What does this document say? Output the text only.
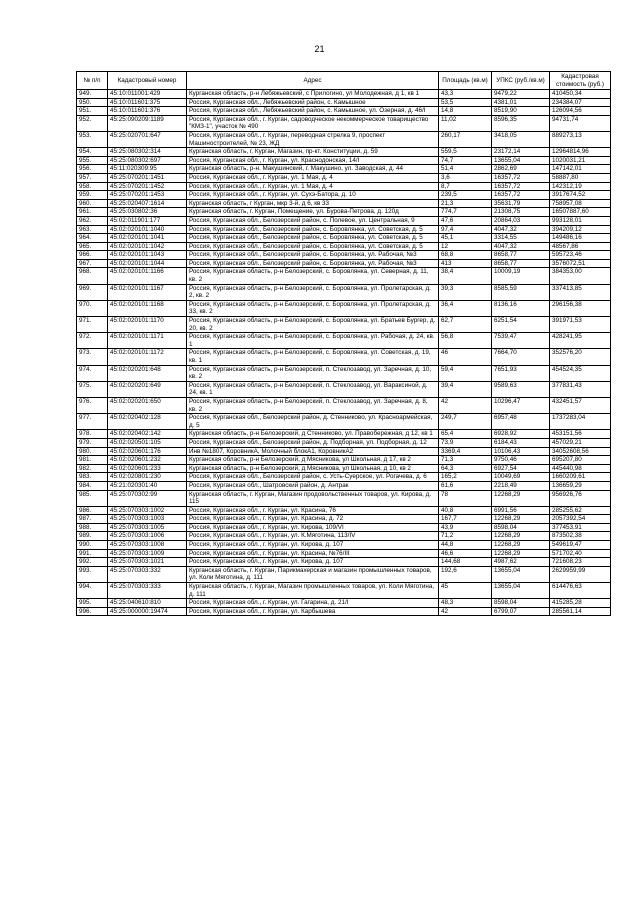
21
№ п/п	Кадастровый номер	Адрес	Площадь (кв.м)	УПКС (руб./кв.м)	Кадастровая стоимость (руб.)
949.	45:10:011001:429	Курганская область, р-н Лебяжьевский, с Прилогино, ул Молодежная, д 1, кв 1	43,3	9479,22	410450,34
950.	45:10:011601:375	Россия, Курганская обл., Лебяжьевский район, с. Камышное	53,5	4381,01	234384,07
951.	45:10:011601:376	Россия, Курганская обл., Лебяжьевский район, с. Камышное, ул. Озерная, д. 46/I	14,8	8519,90	126094,56
952.	45:25:090209:1189	Россия, Курганская обл., г. Курган, садоводческое некоммерческое товарищество "КМЗ-1", участок № 490	11,02	8596,35	94731,74
953.	45:25:020701:647	Россия, Курганская обл., г. Курган, переводная стрелка 9, проспект Машиностроителей, № 23, ЖД	260,17	3418,05	889273,13
954.	45:25:080302:314	Курганская область, г. Курган, Магазин, пр-кт. Конституции, д. 59	559,5	23172,14	12964814,96
955.	45:25:080302:697	Россия, Курганская обл., г. Курган, ул. Краснодонская, 14/I	74,7	13655,04	1020031,21
956.	45:11:020309:95	Курганская область, р-н. Макушинский, г. Макушино, ул. Заводская, д. 44	51,4	2862,69	147142,01
957.	45:25:070201:1451	Россия, Курганская обл., г. Курган, ул. 1 Мая, д. 4	3,6	16357,72	58887,80
958.	45:25:070201:1452	Россия, Курганская обл., г. Курган, ул. 1 Мая, д. 4	8,7	16357,72	142312,19
959.	45:25:070201:1453	Россия, Курганская обл., г. Курган, ул. Сухэ-Батора, д. 10	239,5	16357,72	3917674,52
960.	45:25:020407:1614	Курганская область, г Курган, мкр 3-й, д 6, кв 33	21,3	35631,79	758957,08
961.	45:25:030802:36	Курганская область, г. Курган, Помещение, ул. Бурова-Петрова, д. 120д	774,7	21308,75	16507887,60
962.	45:02:011901:177	Россия, Курганская обл., Белозерский район, с. Полевое, ул. Центральная, 9	47,6	20864,03	993128,01
963.	45:02:020101:1040	Россия, Курганская обл., Белозерский район, с. Боровлянка, ул. Советская, д. 5	97,4	4047,32	394209,12
964.	45:02:020101:1041	Россия, Курганская обл., Белозерский район, с. Боровлянка, ул. Советская, д. 5	45,1	3314,55	149486,16
965.	45:02:020101:1042	Россия, Курганская обл., Белозерский район, с. Боровлянка, ул. Советская, д. 5	12	4047,32	48567,86
966.	45:02:020101:1043	Россия, Курганская обл., Белозерский район, с. Боровлянка, ул. Рабочая, №3	68,8	8658,77	595723,46
967.	45:02:020101:1044	Россия, Курганская обл., Белозерский район, с. Боровлянка, ул. Рабочая, №3	413	8658,77	3576072,51
968.	45:02:020101:1166	Россия, Курганская область, р-н Белозерский, с. Боровлянка, ул. Северная, д. 11, кв. 2	38,4	10009,19	384353,00
969.	45:02:020101:1167	Россия, Курганская область, р-н Белозерский, с. Боровлянка, ул. Пролетарская, д. 2, кв. 2	39,3	8585,59	337413,85
970.	45:02:020101:1168	Россия, Курганская область, р-н Белозерский, с. Боровлянка, ул. Пролетарская, д. 33, кв. 2	36,4	8136,16	296156,38
971.	45:02:020101:1170	Россия, Курганская область, р-н Белозерский, с. Боровлянка, ул. Братьев Бургер, д. 20, кв. 2	62,7	6251,54	391971,53
972.	45:02:020101:1171	Россия, Курганская область, р-н Белозерский, с. Боровлянка, ул. Рабочая, д. 24, кв. 1	56,8	7539,47	428241,95
973.	45:02:020101:1172	Россия, Курганская область, р-н Белозерский, с. Боровлянка, ул. Советская, д. 19, кв. 1	46	7664,70	352576,20
974.	45:02:020201:648	Россия, Курганская область, р-н Белозерский, п. Стеклозавод, ул. Заречная, д. 10, кв. 2	59,4	7651,93	454524,35
975.	45:02:020201:649	Россия, Курганская область, р-н Белозерский, п. Стеклозавод, ул. Вараксиной, д. 24, кв. 1	39,4	9589,63	377831,43
976.	45:02:020201:650	Россия, Курганская область, р-н Белозерский, п. Стеклозавод, ул. Заречная, д. 8, кв. 2	42	10296,47	432451,57
977.	45:02:020402:128	Россия, Курганская обл., Белозерский район, д. Стенниково, ул. Красноармейская, д. 5	249,7	6957,48	1737283,04
978.	45:02:020402:142	Курганская область, р-н Белозерский, д Стенниково, ул. Правобережная, д 12, кв 1	65,4	6928,92	453151,56
979.	45:02:020501:105	Россия, Курганская обл., Белозерский район, д. Подборная, ул. Подборная, д. 12	73,9	6184,43	457029,21
980.	45:02:020601:176	Инв №1807, КоровникА, Молочный блокА1, КоровникА2	3369,4	10106,43	34052608,56
981.	45:02:020601:232	Курганская область, р-н Белозерский, д Мясникова, ул Школьная, д 17, кв 2	71,3	9750,46	695207,80
982.	45:02:020601:233	Курганская область, р-н Белозерский, д Мясникова, ул Школьная, д 10, кв 2	64,3	6927,54	445440,98
983.	45:02:020801:230	Россия, Курганская обл., Белозерский район, с. Усть-Суерское, ул. Рогачева, д. 6	165,2	10049,69	1660209,61
984.	45:21:020301:40	Россия, Курганская обл., Шатровский район, д. Антрак	61,6	2218,49	136659,29
985.	45:25:070302:99	Курганская область, г. Курган, Магазин продовольственных товаров, ул. Кирова, д. 115	78	12268,29	956926,76
986.	45:25:070303:1002	Россия, Курганская обл., г. Курган, ул. Красина, 76	40,8	6991,56	285255,62
987.	45:25:070303:1003	Россия, Курганская обл., г. Курган, ул. Красина, д. 72	167,7	12268,29	2057392,54
988.	45:25:070303:1005	Россия, Курганская обл., г. Курган, ул. Кирова, 109/VI	43,9	8598,04	377453,91
989.	45:25:070303:1006	Россия, Курганская обл., г. Курган, ул. К.Мяготина, 113/IV	71,2	12268,29	873502,38
990.	45:25:070303:1008	Россия, Курганская обл., г. Курган, ул. Кирова, д. 107	44,8	12268,29	549619,47
991.	45:25:070303:1009	Россия, Курганская обл., г. Курган, ул. Красина, №76/III	46,6	12268,29	571702,40
992.	45:25:070303:1021	Россия, Курганская обл., г. Курган, ул. Кирова, д. 107	144,68	4987,62	721608,23
993.	45:25:070303:332	Курганская область, г. Курган, Парикмахерская и магазин промышленных товаров, ул. Коли Мяготина, д. 111	192,6	13655,04	2629959,99
994.	45:25:070303:333	Курганская область, г. Курган, Магазин промышленных товаров, ул. Коли Мяготина, д. 111	45	13655,04	614476,63
995.	45:25:040610:810	Россия, Курганская обл., г. Курган, ул. Гагарина, д. 21/I	48,3	8598,04	415285,28
996.	45:25:000000:19474	Россия, Курганская обл., г. Курган, ул. Карбышева	42	6799,07	285561,14
